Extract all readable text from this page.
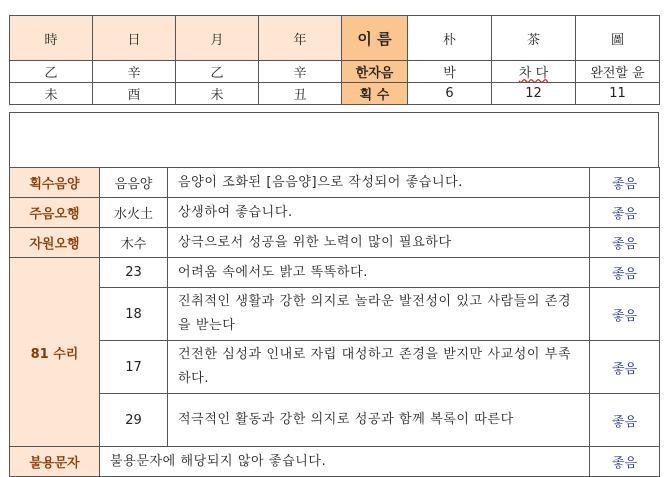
時	日	月	年	이 름	朴	茶	圖
乙	辛	乙	辛	한자음	박	차 다	완전할 윤
未	酉	未	丑	획 수	6	12	11
획수음양	음음양	음양이 조화된 [음음양]으로 작성되어 좋습니다.	좋음
주음오행	水火土	상생하여 좋습니다.	좋음
자원오행	木수	상극으로서 성공을 위한 노력이 많이 필요하다	좋음
81 수리	23	어려움 속에서도 밝고 똑똑하다.	좋음
	18	진취적인 생활과 강한 의지로 놀라운 발전성이 있고 사람들의 존경을 받는다	좋음
	17	건전한 심성과 인내로 자립 대성하고 존경을 받지만 사교성이 부족하다.	좋음
	29	적극적인 활동과 강한 의지로 성공과 함께 복록이 따른다	좋음
불용문자	불용문자에 해당되지 않아 좋습니다.		좋음
